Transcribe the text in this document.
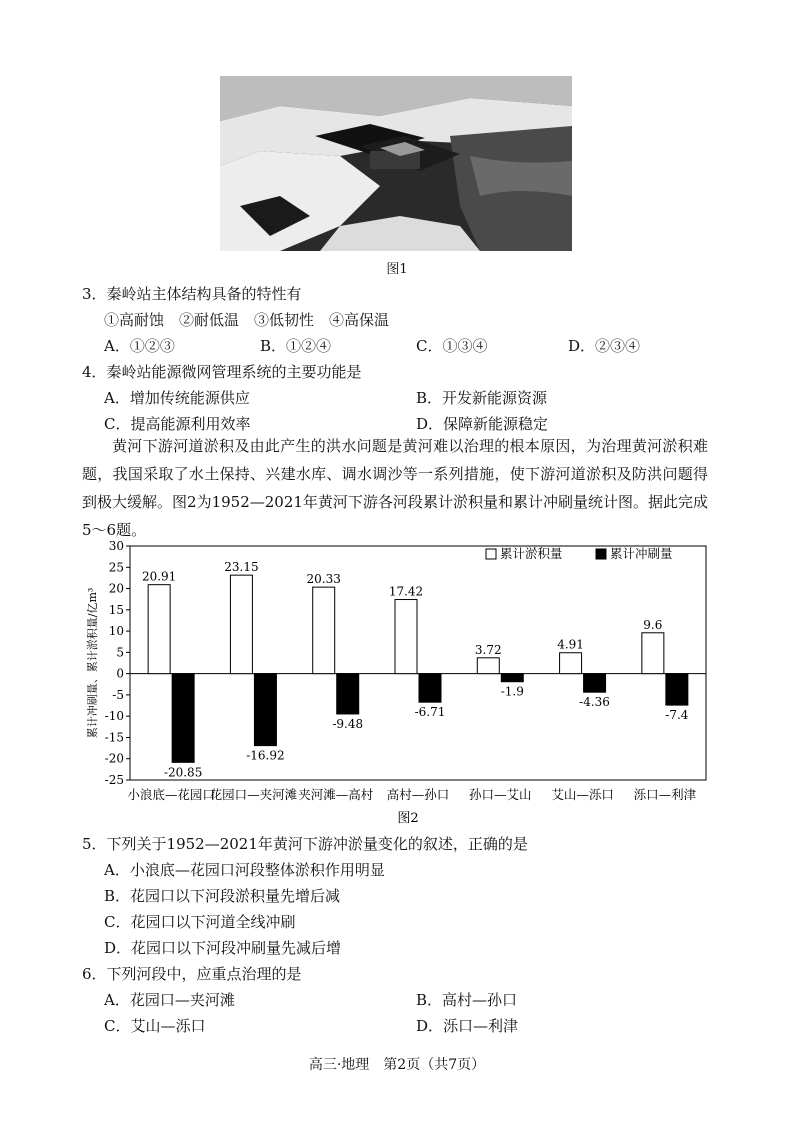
图1
3．秦岭站主体结构具备的特性有
①高耐蚀　②耐低温　③低韧性　④高保温
A．①②③	B．①②④	C．①③④	D．②③④
4．秦岭站能源微网管理系统的主要功能是
A．增加传统能源供应	B．开发新能源资源
C．提高能源利用效率	D．保障新能源稳定
黄河下游河道淤积及由此产生的洪水问题是黄河难以治理的根本原因，为治理黄河淤积难题，我国采取了水土保持、兴建水库、调水调沙等一系列措施，使下游河道淤积及防洪问题得到极大缓解。图2为1952—2021年黄河下游各河段累计淤积量和累计冲刷量统计图。据此完成5～6题。
30
25
20
15
10
5
0
-5
-10
-15
-20
-25
累计冲刷量、累计淤积量/亿m³
20.91
-20.85
小浪底—花园口
23.15
-16.92
花园口—夹河滩
20.33
-9.48
夹河滩—高村
17.42
-6.71
高村—孙口
3.72
-1.9
孙口—艾山
4.91
-4.36
艾山—泺口
9.6
-7.4
泺口—利津
累计淤积量	累计冲刷量
图2
5．下列关于1952—2021年黄河下游冲淤量变化的叙述，正确的是
A．小浪底—花园口河段整体淤积作用明显
B．花园口以下河段淤积量先增后减
C．花园口以下河道全线冲刷
D．花园口以下河段冲刷量先减后增
6．下列河段中，应重点治理的是
A．花园口—夹河滩	B．高村—孙口
C．艾山—泺口	D．泺口—利津
高三·地理　第2页（共7页）
